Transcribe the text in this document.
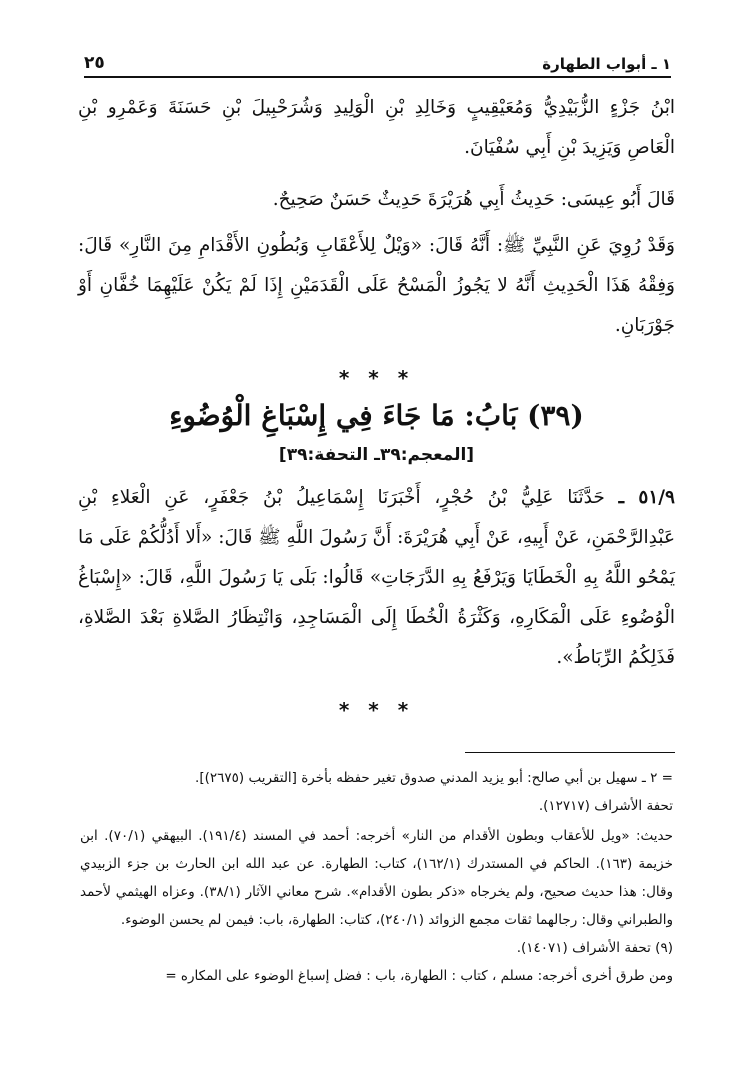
١ ـ أبواب الطهارة
٢٥

ابْنُ جَزْءٍ الزُّبَيْدِيُّ وَمُعَيْقِيبٍ وَخَالِدِ بْنِ الْوَلِيدِ وَشُرَحْبِيلَ بْنِ حَسَنَةَ وَعَمْرِو بْنِ الْعَاصِ وَيَزِيدَ بْنِ أَبِي سُفْيَانَ.

قَالَ أَبُو عِيسَى: حَدِيثُ أَبِي هُرَيْرَةَ حَدِيثٌ حَسَنٌ صَحِيحٌ.

وَقَدْ رُوِيَ عَنِ النَّبِيِّ ﷺ: أَنَّهُ قَالَ: «وَيْلٌ لِلأَعْقَابِ وَبُطُونِ الأَقْدَامِ مِنَ النَّارِ» قَالَ: وَفِقْهُ هَذَا الْحَدِيثِ أَنَّهُ لا يَجُوزُ الْمَسْحُ عَلَى الْقَدَمَيْنِ إِذَا لَمْ يَكُنْ عَلَيْهِمَا خُفَّانِ أَوْ جَوْرَبَانِ.

* * *
(٣٩) بَابُ: مَا جَاءَ فِي إِسْبَاغِ الْوُضُوءِ
[المعجم:٣٩ـ التحفة:٣٩]

٥١/٩ ـ حَدَّثَنَا عَلِيُّ بْنُ حُجْرٍ، أَخْبَرَنَا إِسْمَاعِيلُ بْنُ جَعْفَرٍ، عَنِ الْعَلاءِ بْنِ عَبْدِالرَّحْمَنِ، عَنْ أَبِيهِ، عَنْ أَبِي هُرَيْرَةَ: أَنَّ رَسُولَ اللَّهِ ﷺ قَالَ: «أَلا أَدُلُّكُمْ عَلَى مَا يَمْحُو اللَّهُ بِهِ الْخَطَايَا وَيَرْفَعُ بِهِ الدَّرَجَاتِ» قَالُوا: بَلَى يَا رَسُولَ اللَّهِ، قَالَ: «إِسْبَاغُ الْوُضُوءِ عَلَى الْمَكَارِهِ، وَكَثْرَةُ الْخُطَا إِلَى الْمَسَاجِدِ، وَانْتِظَارُ الصَّلاةِ بَعْدَ الصَّلاةِ، فَذَلِكُمُ الرِّبَاطُ».

* * *

= ٢ ـ سهيل بن أبي صالح: أبو يزيد المدني صدوق تغير حفظه بأخرة [التقريب (٢٦٧٥)].

تحفة الأشراف (١٢٧١٧).

حديث: «ويل للأعقاب وبطون الأقدام من النار» أخرجه: أحمد في المسند (١٩١/٤). البيهقي (٧٠/١). ابن خزيمة (١٦٣). الحاكم في المستدرك (١٦٢/١)، كتاب: الطهارة. عن عبد الله ابن الحارث بن جزء الزبيدي وقال: هذا حديث صحيح، ولم يخرجاه «ذكر بطون الأقدام». شرح معاني الآثار (٣٨/١). وعزاه الهيثمي لأحمد والطبراني وقال: رجالهما ثقات مجمع الزوائد (٢٤٠/١)، كتاب: الطهارة، باب: فيمن لم يحسن الوضوء.

(٩) تحفة الأشراف (١٤٠٧١).

ومن طرق أخرى أخرجه: مسلم ، كتاب : الطهارة، باب : فضل إسباغ الوضوء على المكاره =
